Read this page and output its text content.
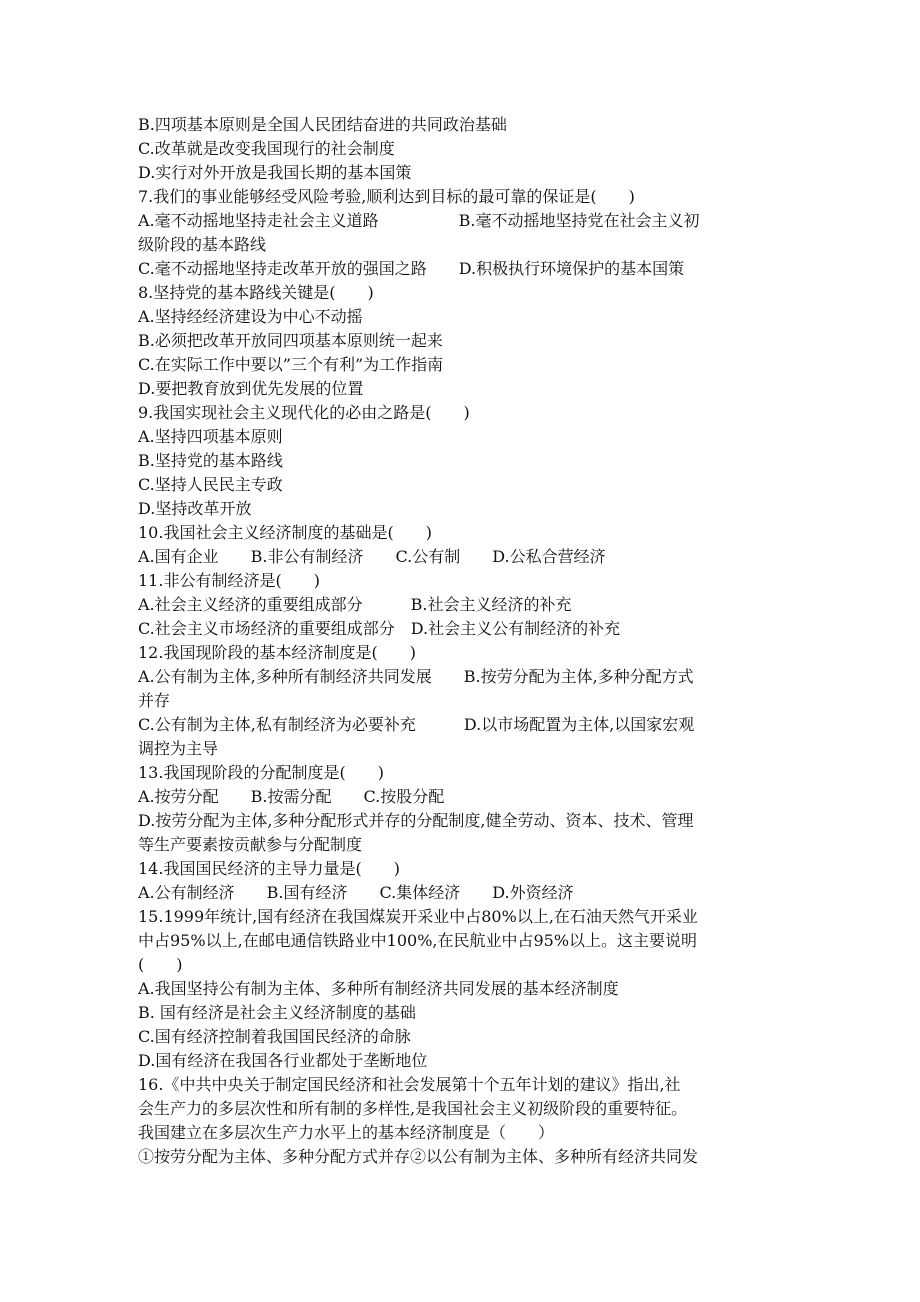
B.四项基本原则是全国人民团结奋进的共同政治基础
C.改革就是改变我国现行的社会制度
D.实行对外开放是我国长期的基本国策
7.我们的事业能够经受风险考验,顺利达到目标的最可靠的保证是(　　)
A.毫不动摇地坚持走社会主义道路　　　　　B.毫不动摇地坚持党在社会主义初
级阶段的基本路线
C.毫不动摇地坚持走改革开放的强国之路　　D.积极执行环境保护的基本国策
8.坚持党的基本路线关键是(　　)
A.坚持经经济建设为中心不动摇
B.必须把改革开放同四项基本原则统一起来
C.在实际工作中要以”三个有利”为工作指南
D.要把教育放到优先发展的位置
9.我国实现社会主义现代化的必由之路是(　　)
A.坚持四项基本原则
B.坚持党的基本路线
C.坚持人民民主专政
D.坚持改革开放
10.我国社会主义经济制度的基础是(　　)
A.国有企业　　B.非公有制经济　　C.公有制　　D.公私合营经济
11.非公有制经济是(　　)
A.社会主义经济的重要组成部分　　　B.社会主义经济的补充
C.社会主义市场经济的重要组成部分　D.社会主义公有制经济的补充
12.我国现阶段的基本经济制度是(　　)
A.公有制为主体,多种所有制经济共同发展　　B.按劳分配为主体,多种分配方式
并存
C.公有制为主体,私有制经济为必要补充　　　D.以市场配置为主体,以国家宏观
调控为主导
13.我国现阶段的分配制度是(　　)
A.按劳分配　　B.按需分配　　C.按股分配
D.按劳分配为主体,多种分配形式并存的分配制度,健全劳动、资本、技术、管理
等生产要素按贡献参与分配制度
14.我国国民经济的主导力量是(　　)
A.公有制经济　　B.国有经济　　C.集体经济　　D.外资经济
15.1999年统计,国有经济在我国煤炭开采业中占80%以上,在石油天然气开采业
中占95%以上,在邮电通信铁路业中100%,在民航业中占95%以上。这主要说明
(　　)
A.我国坚持公有制为主体、多种所有制经济共同发展的基本经济制度
B. 国有经济是社会主义经济制度的基础
C.国有经济控制着我国国民经济的命脉
D.国有经济在我国各行业都处于垄断地位
16.《中共中央关于制定国民经济和社会发展第十个五年计划的建议》指出,社
会生产力的多层次性和所有制的多样性,是我国社会主义初级阶段的重要特征。
我国建立在多层次生产力水平上的基本经济制度是（　　）
①按劳分配为主体、多种分配方式并存②以公有制为主体、多种所有经济共同发
